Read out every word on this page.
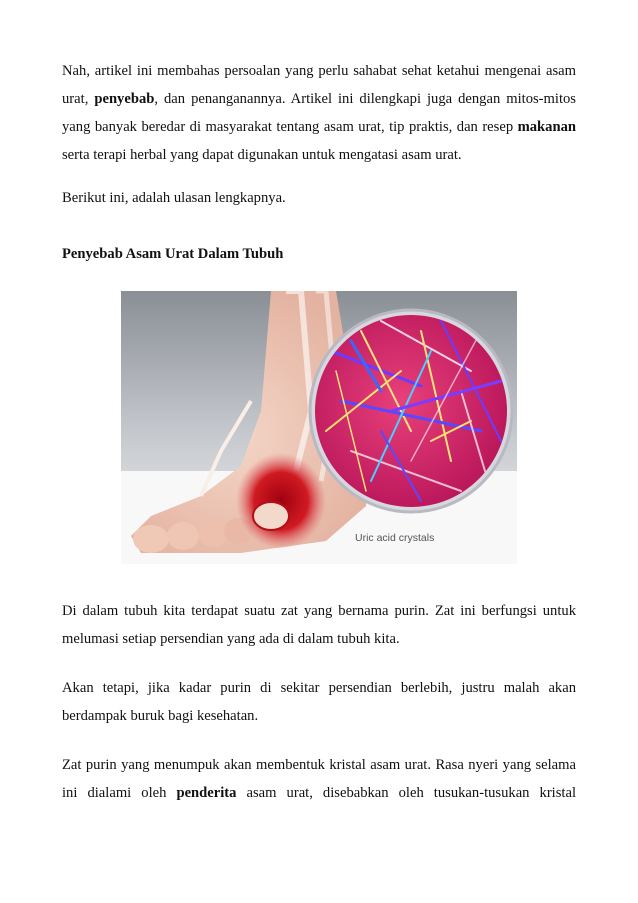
Nah, artikel ini membahas persoalan yang perlu sahabat sehat ketahui mengenai asam urat, penyebab, dan penanganannya. Artikel ini dilengkapi juga dengan mitos-mitos yang banyak beredar di masyarakat tentang asam urat, tip praktis, dan resep makanan serta terapi herbal yang dapat digunakan untuk mengatasi asam urat.

Berikut ini, adalah ulasan lengkapnya.

Penyebab Asam Urat Dalam Tubuh

Uric acid crystals

Di dalam tubuh kita terdapat suatu zat yang bernama purin. Zat ini berfungsi untuk melumasi setiap persendian yang ada di dalam tubuh kita.

Akan tetapi, jika kadar purin di sekitar persendian berlebih, justru malah akan berdampak buruk bagi kesehatan.

Zat purin yang menumpuk akan membentuk kristal asam urat. Rasa nyeri yang selama ini dialami oleh penderita asam urat, disebabkan oleh tusukan-tusukan kristal
